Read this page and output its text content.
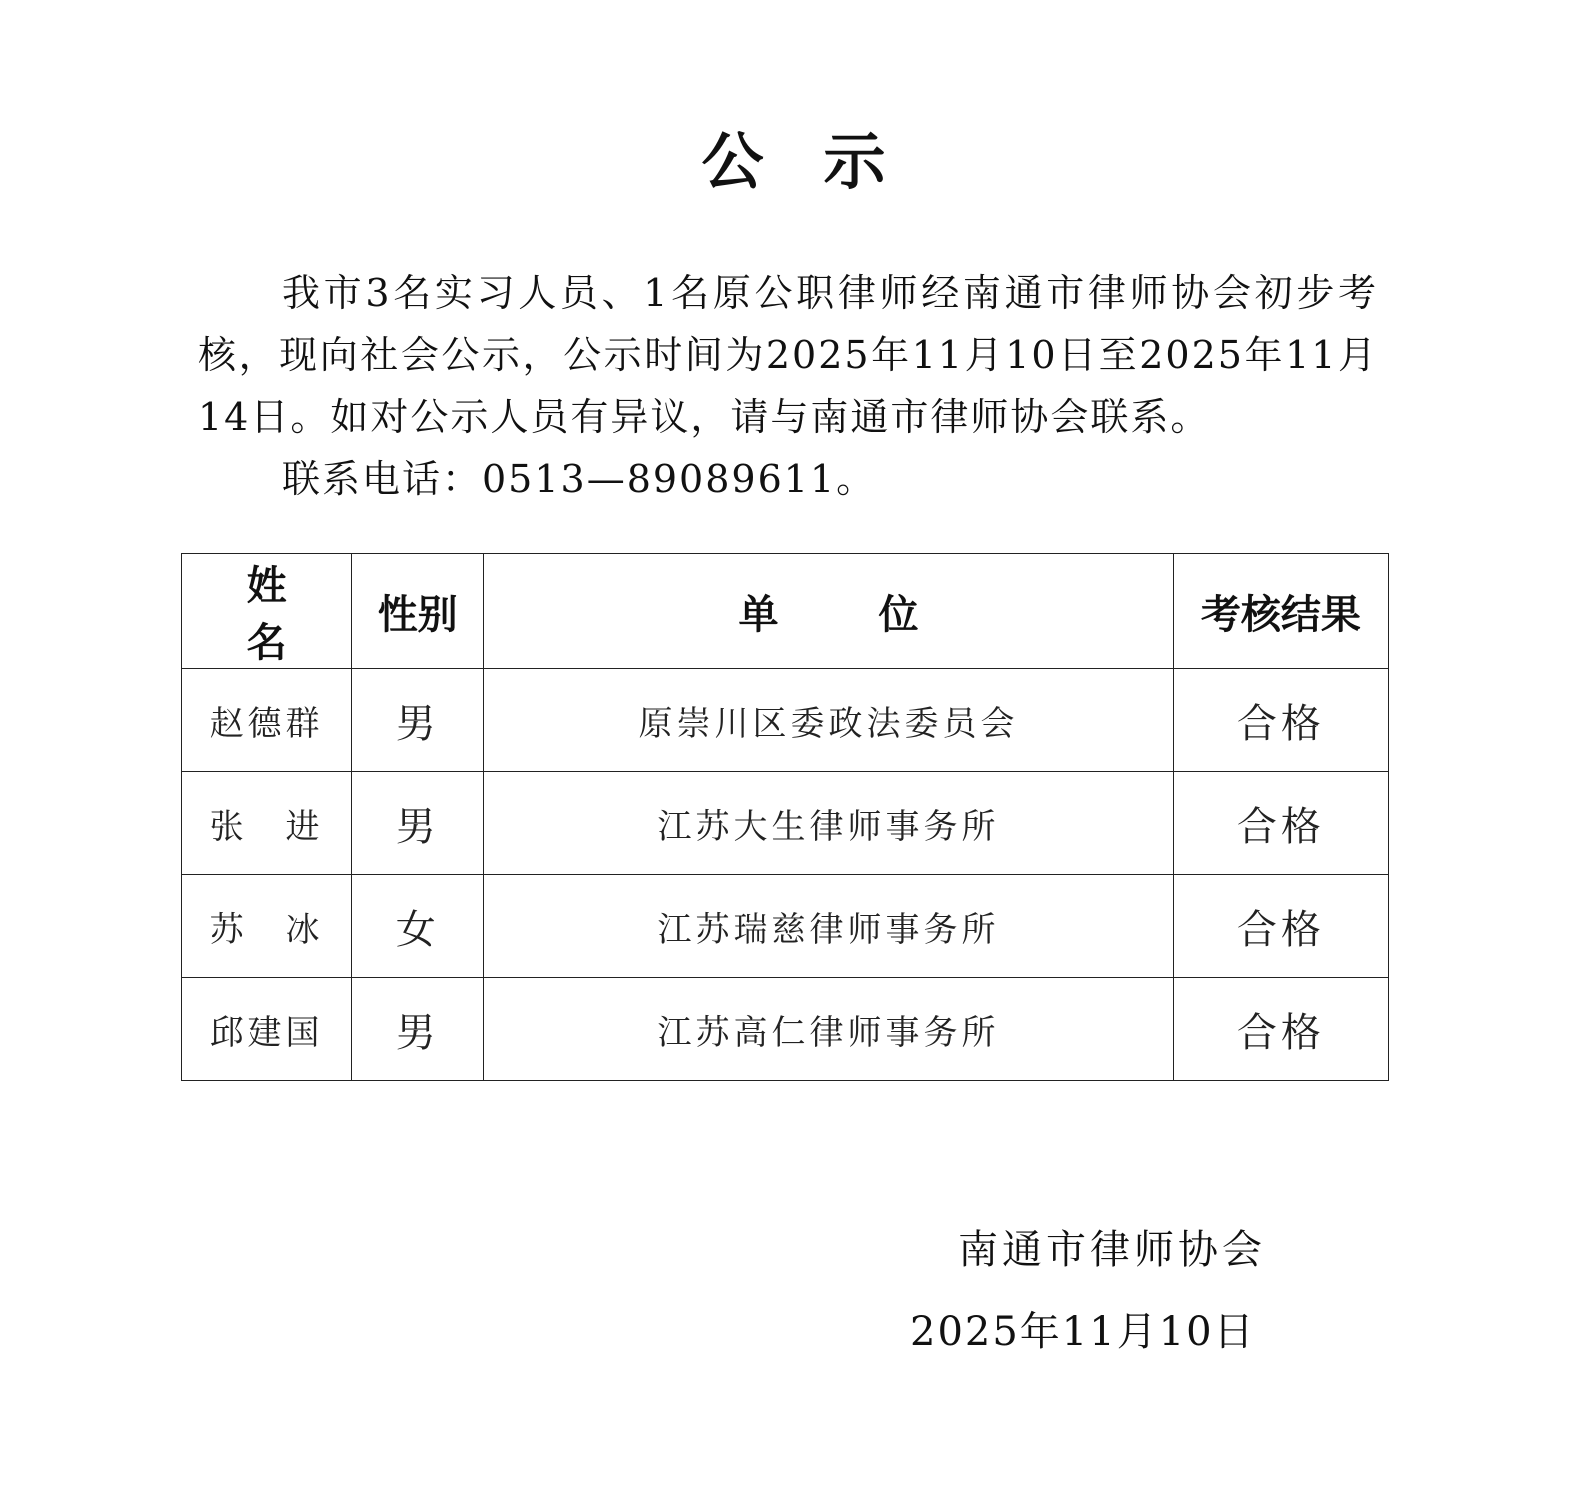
公示

我市3名实习人员、1名原公职律师经南通市律师协会初步考核，现向社会公示，公示时间为2025年11月10日至2025年11月14日。如对公示人员有异议，请与南通市律师协会联系。

联系电话：0513—89089611。

姓名	性别	单位	考核结果
赵德群	男	原崇川区委政法委员会	合格
张　进	男	江苏大生律师事务所	合格
苏　冰	女	江苏瑞慈律师事务所	合格
邱建国	男	江苏高仁律师事务所	合格
南通市律师协会
2025年11月10日
